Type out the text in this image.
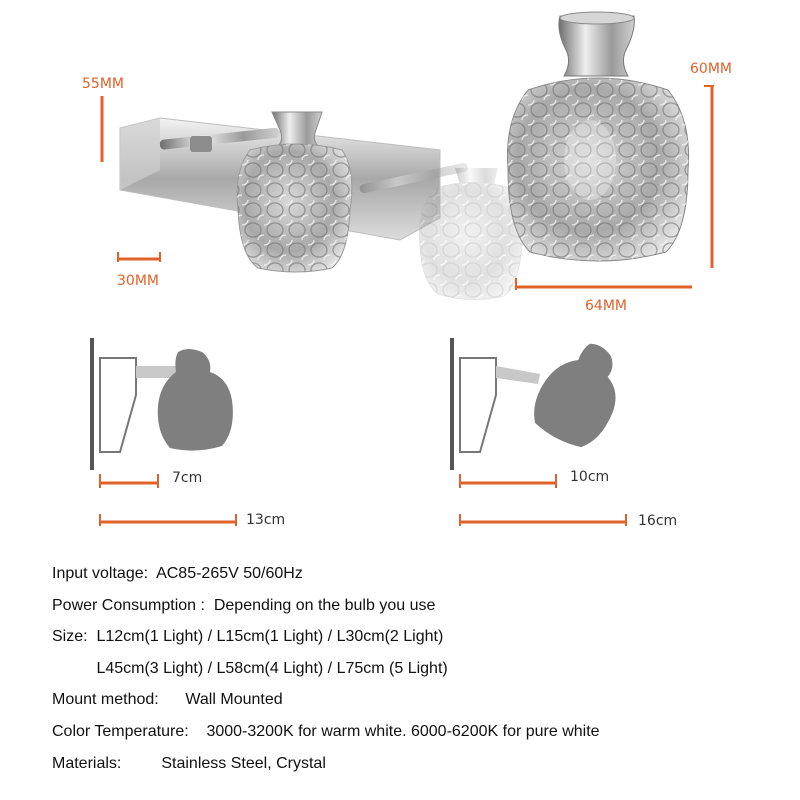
55MM
30MM
60MM
64MM
7cm
13cm
10cm
16cm
Input voltage:  AC85-265V 50/60Hz
Power Consumption :  Depending on the bulb you use
Size:  L12cm(1 Light) / L15cm(1 Light) / L30cm(2 Light)
L45cm(3 Light) / L58cm(4 Light) / L75cm (5 Light)
Mount method:      Wall Mounted
Color Temperature:    3000-3200K for warm white. 6000-6200K for pure white
Materials:         Stainless Steel, Crystal
